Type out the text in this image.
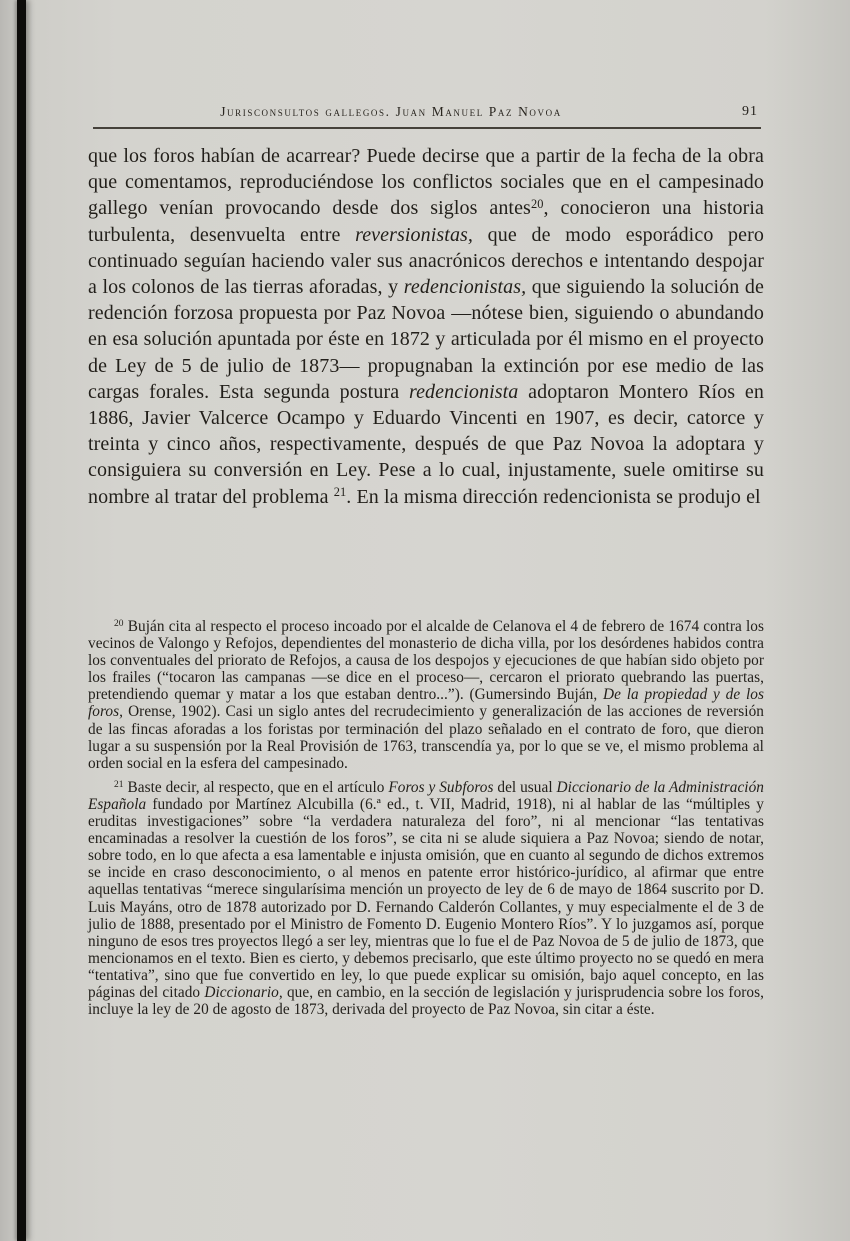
Jurisconsultos gallegos. Juan Manuel Paz Novoa	91

que los foros habían de acarrear? Puede decirse que a partir de la fecha de la obra que comentamos, reproduciéndose los conflictos sociales que en el campesinado gallego venían provocando desde dos siglos antes$^{20}$, conocieron una historia turbulenta, desenvuelta entre reversionistas, que de modo esporádico pero continuado seguían haciendo valer sus anacrónicos derechos e intentando despojar a los colonos de las tierras aforadas, y redencionistas, que siguiendo la solución de redención forzosa propuesta por Paz Novoa —nótese bien, siguiendo o abundando en esa solución apuntada por éste en 1872 y articulada por él mismo en el proyecto de Ley de 5 de julio de 1873— propugnaban la extinción por ese medio de las cargas forales. Esta segunda postura redencionista adoptaron Montero Ríos en 1886, Javier Valcerce Ocampo y Eduardo Vincenti en 1907, es decir, catorce y treinta y cinco años, respectivamente, después de que Paz Novoa la adoptara y consiguiera su conversión en Ley. Pese a lo cual, injustamente, suele omitirse su nombre al tratar del problema $^{21}$. En la misma dirección redencionista se produjo el

$^{20}$ Buján cita al respecto el proceso incoado por el alcalde de Celanova el 4 de febrero de 1674 contra los vecinos de Valongo y Refojos, dependientes del monasterio de dicha villa, por los desórdenes habidos contra los conventuales del priorato de Refojos, a causa de los despojos y ejecuciones de que habían sido objeto por los frailes (“tocaron las campanas —se dice en el proceso—, cercaron el priorato quebrando las puertas, pretendiendo quemar y matar a los que estaban dentro...”). (Gumersindo Buján, De la propiedad y de los foros, Orense, 1902). Casi un siglo antes del recrudecimiento y generalización de las acciones de reversión de las fincas aforadas a los foristas por terminación del plazo señalado en el contrato de foro, que dieron lugar a su suspensión por la Real Provisión de 1763, transcendía ya, por lo que se ve, el mismo problema al orden social en la esfera del campesinado.

$^{21}$ Baste decir, al respecto, que en el artículo Foros y Subforos del usual Diccionario de la Administración Española fundado por Martínez Alcubilla (6.ª ed., t. VII, Madrid, 1918), ni al hablar de las “múltiples y eruditas investigaciones” sobre “la verdadera naturaleza del foro”, ni al mencionar “las tentativas encaminadas a resolver la cuestión de los foros”, se cita ni se alude siquiera a Paz Novoa; siendo de notar, sobre todo, en lo que afecta a esa lamentable e injusta omisión, que en cuanto al segundo de dichos extremos se incide en craso desconocimiento, o al menos en patente error histórico-jurídico, al afirmar que entre aquellas tentativas “merece singularísima mención un proyecto de ley de 6 de mayo de 1864 suscrito por D. Luis Mayáns, otro de 1878 autorizado por D. Fernando Calderón Collantes, y muy especialmente el de 3 de julio de 1888, presentado por el Ministro de Fomento D. Eugenio Montero Ríos”. Y lo juzgamos así, porque ninguno de esos tres proyectos llegó a ser ley, mientras que lo fue el de Paz Novoa de 5 de julio de 1873, que mencionamos en el texto. Bien es cierto, y debemos precisarlo, que este último proyecto no se quedó en mera “tentativa”, sino que fue convertido en ley, lo que puede explicar su omisión, bajo aquel concepto, en las páginas del citado Diccionario, que, en cambio, en la sección de legislación y jurisprudencia sobre los foros, incluye la ley de 20 de agosto de 1873, derivada del proyecto de Paz Novoa, sin citar a éste.
